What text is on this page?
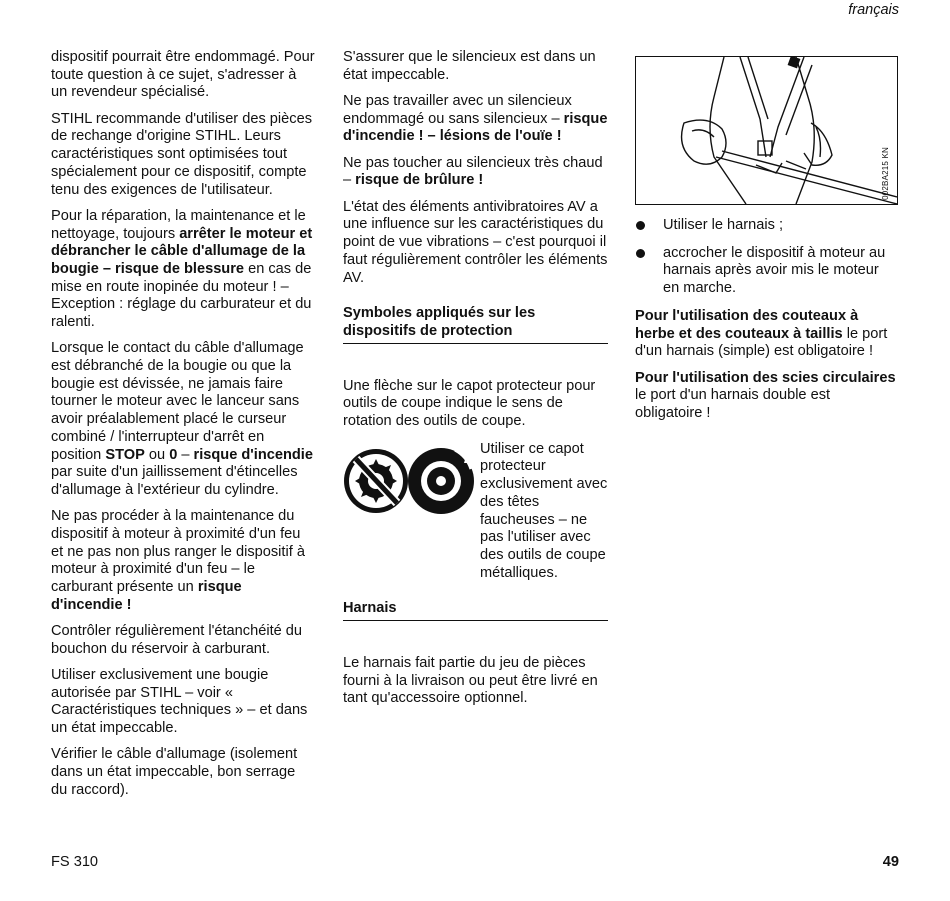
français

dispositif pourrait être endommagé. Pour toute question à ce sujet, s'adresser à un revendeur spécialisé.

STIHL recommande d'utiliser des pièces de rechange d'origine STIHL. Leurs caractéristiques sont optimisées tout spécialement pour ce dispositif, compte tenu des exigences de l'utilisateur.

Pour la réparation, la maintenance et le nettoyage, toujours arrêter le moteur et débrancher le câble d'allumage de la bougie – risque de blessure en cas de mise en route inopinée du moteur ! – Exception : réglage du carburateur et du ralenti.

Lorsque le contact du câble d'allumage est débranché de la bougie ou que la bougie est dévissée, ne jamais faire tourner le moteur avec le lanceur sans avoir préalablement placé le curseur combiné / l'interrupteur d'arrêt en position STOP ou 0 – risque d'incendie par suite d'un jaillissement d'étincelles d'allumage à l'extérieur du cylindre.

Ne pas procéder à la maintenance du dispositif à moteur à proximité d'un feu et ne pas non plus ranger le dispositif à moteur à proximité d'un feu – le carburant présente un risque d'incendie !

Contrôler régulièrement l'étanchéité du bouchon du réservoir à carburant.

Utiliser exclusivement une bougie autorisée par STIHL – voir « Caractéristiques techniques » – et dans un état impeccable.

Vérifier le câble d'allumage (isolement dans un état impeccable, bon serrage du raccord).

S'assurer que le silencieux est dans un état impeccable.

Ne pas travailler avec un silencieux endommagé ou sans silencieux – risque d'incendie ! – lésions de l'ouïe !

Ne pas toucher au silencieux très chaud – risque de brûlure !

L'état des éléments antivibratoires AV a une influence sur les caractéristiques du point de vue vibrations – c'est pourquoi il faut régulièrement contrôler les éléments AV.

Symboles appliqués sur les dispositifs de protection

Une flèche sur le capot protecteur pour outils de coupe indique le sens de rotation des outils de coupe.

Utiliser ce capot protecteur exclusivement avec des têtes faucheuses – ne pas l'utiliser avec des outils de coupe métalliques.
Harnais

Le harnais fait partie du jeu de pièces fourni à la livraison ou peut être livré en tant qu'accessoire optionnel.

002BA215 KN
Utiliser le harnais ;
accrocher le dispositif à moteur au harnais après avoir mis le moteur en marche.

Pour l'utilisation des couteaux à herbe et des couteaux à taillis le port d'un harnais (simple) est obligatoire !

Pour l'utilisation des scies circulaires le port d'un harnais double est obligatoire !

FS 310	49
